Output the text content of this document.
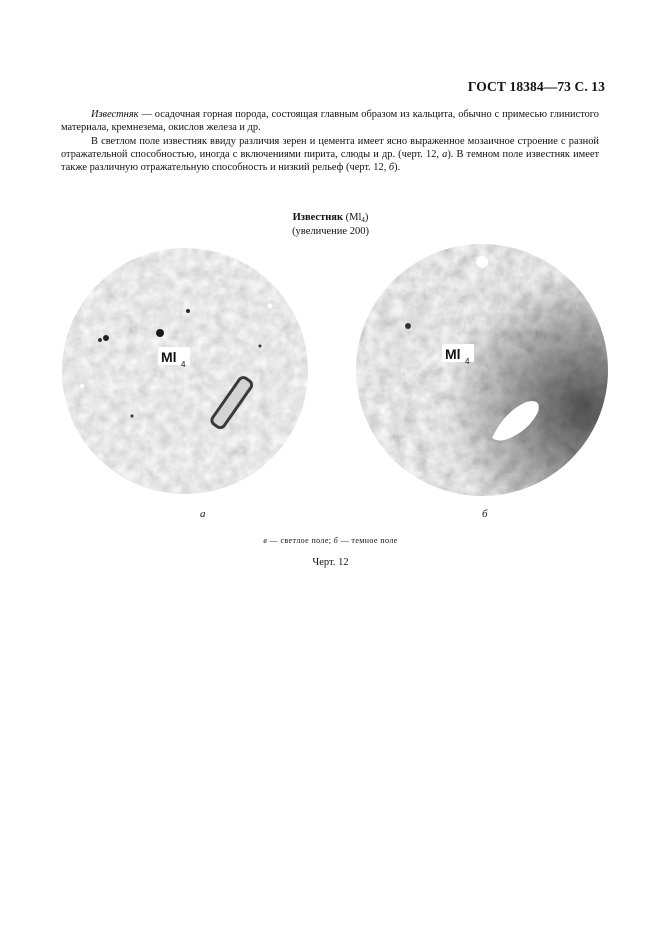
ГОСТ 18384—73 С. 13

Известняк — осадочная горная порода, состоящая главным образом из кальцита, обычно с примесью глинистого материала, кремнезема, окислов железа и др.

В светлом поле известняк ввиду различия зерен и цемента имеет ясно выраженное мозаичное строение с разной отражательной способностью, иногда с включениями пирита, слюды и др. (черт. 12, а). В темном поле известняк имеет также различную отражательную способность и низкий рельеф (черт. 12, б).

Известняк $(Ml_4)$
(увеличение 200)
Ml 4
Ml 4
а	б
в — светлое поле; б — темное поле
Черт. 12
